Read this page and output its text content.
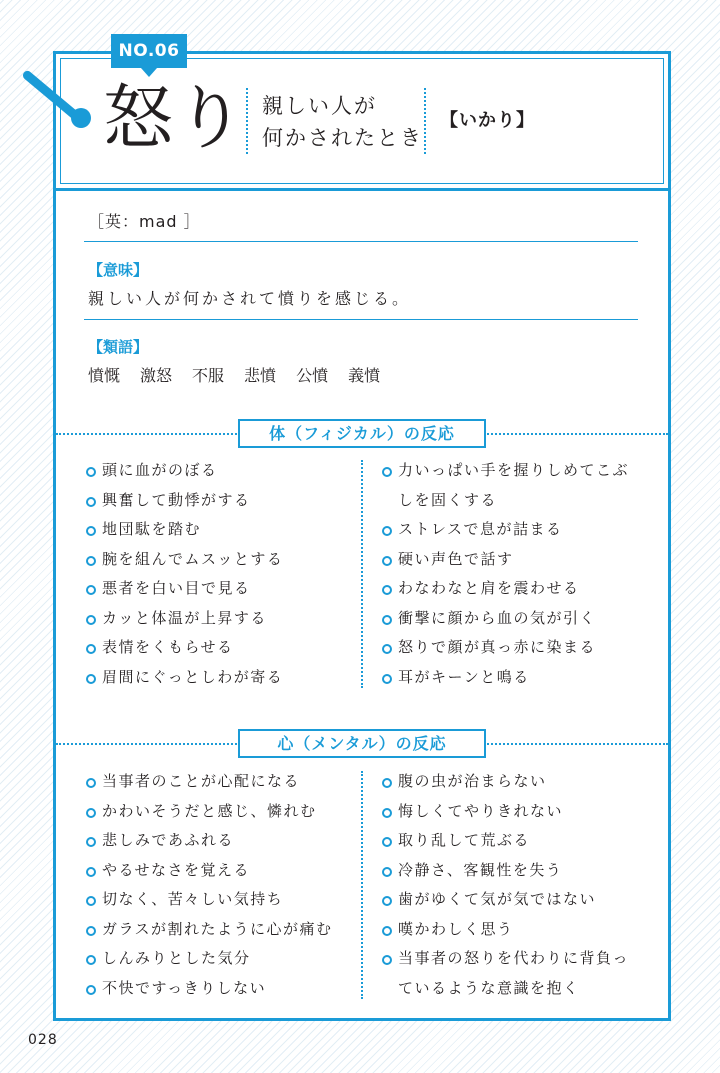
NO.06
怒り 親しい人が
何かされたとき
【いかり】
［英：mad ］
【意味】
親しい人が何かされて憤りを感じる。
【類語】
憤慨 激怒 不服 悲憤 公憤 義憤
体（フィジカル）の反応
頭に血がのぼる
興奮して動悸がする
地団駄を踏む
腕を組んでムスッとする
悪者を白い目で見る
カッと体温が上昇する
表情をくもらせる
眉間にぐっとしわが寄る
力いっぱい手を握りしめてこぶ
しを固くする
ストレスで息が詰まる
硬い声色で話す
わなわなと肩を震わせる
衝撃に顔から血の気が引く
怒りで顔が真っ赤に染まる
耳がキーンと鳴る
心（メンタル）の反応
当事者のことが心配になる
かわいそうだと感じ、憐れむ
悲しみであふれる
やるせなさを覚える
切なく、苦々しい気持ち
ガラスが割れたように心が痛む
しんみりとした気分
不快ですっきりしない
腹の虫が治まらない
悔しくてやりきれない
取り乱して荒ぶる
冷静さ、客観性を失う
歯がゆくて気が気ではない
嘆かわしく思う
当事者の怒りを代わりに背負っ
ているような意識を抱く
028
